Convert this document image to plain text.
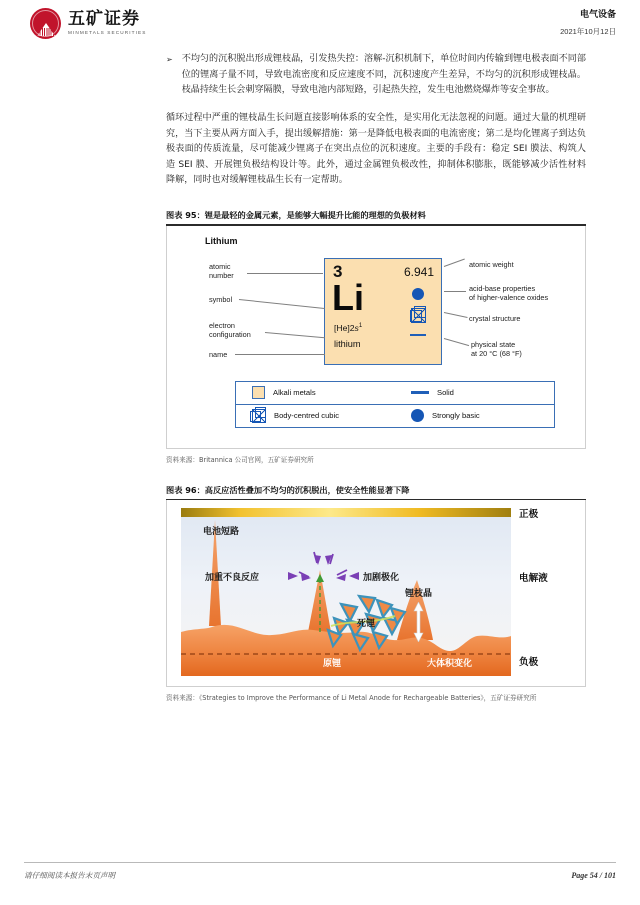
五矿证券
MINMETALS SECURITIES
电气设备
2021年10月12日
➢ 不均匀的沉积脱出形成锂枝晶，引发热失控：溶解-沉积机制下，单位时间内传输到锂电极表面不同部位的锂离子量不同，导致电流密度和反应速度不同，沉积速度产生差异，不均匀的沉积形成锂枝晶。枝晶持续生长会刺穿隔膜，导致电池内部短路，引起热失控，发生电池燃烧爆炸等安全事故。
循环过程中严重的锂枝晶生长问题直接影响体系的安全性，是实用化无法忽视的问题。通过大量的机理研究，当下主要从两方面入手，提出缓解措施：第一是降低电极表面的电流密度；第二是均化锂离子到达负极表面的传质流量，尽可能减少锂离子在突出点位的沉积速度。主要的手段有：稳定 SEI 膜法、构筑人造 SEI 膜、开展锂负极结构设计等。此外，通过金属锂负极改性，抑制体积膨胀，既能够减少活性材料降解，同时也对缓解锂枝晶生长有一定帮助。
图表 95：锂是最轻的金属元素，是能够大幅提升比能的理想的负极材料
Lithium
3	6.941
Li
$[He]2s^1$
lithium
atomic
number
symbol
electron
configuration
name
atomic weight
acid-base properties
of higher-valence oxides
crystal structure
physical state
at 20 °C (68 °F)
Alkali metals	Solid
Body-centred cubic	Strongly basic
资料来源：Britannica 公司官网，五矿证券研究所
图表 96：高反应活性叠加不均匀的沉积脱出，使安全性能显著下降
电池短路
加重不良反应	加剧极化
锂枝晶
死锂
原锂	大体积变化
正极
电解液
负极
资料来源：《Strategies to Improve the Performance of Li Metal Anode for Rechargeable Batteries》，五矿证券研究所
请仔细阅读本报告末页声明	Page 54 / 101
